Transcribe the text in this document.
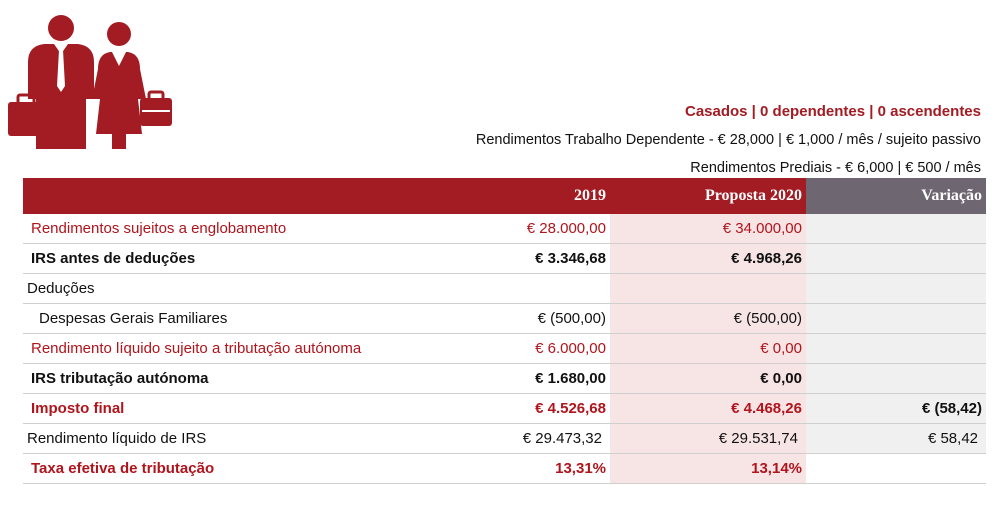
Casados | 0 dependentes | 0 ascendentes
Rendimentos Trabalho Dependente - € 28,000 | € 1,000 / mês / sujeito passivo
Rendimentos Prediais - € 6,000 | € 500 / mês
	2019	Proposta 2020	Variação
Rendimentos sujeitos a englobamento	€ 28.000,00	€ 34.000,00	
IRS antes de deduções	€ 3.346,68	€ 4.968,26	
Deduções			
Despesas Gerais Familiares	€ (500,00)	€ (500,00)	
Rendimento líquido sujeito a tributação autónoma	€ 6.000,00	€ 0,00	
IRS tributação autónoma	€ 1.680,00	€ 0,00	
Imposto final	€ 4.526,68	€ 4.468,26	€ (58,42)
Rendimento líquido de IRS	€ 29.473,32	€ 29.531,74	€ 58,42
Taxa efetiva de tributação	13,31%	13,14%	
